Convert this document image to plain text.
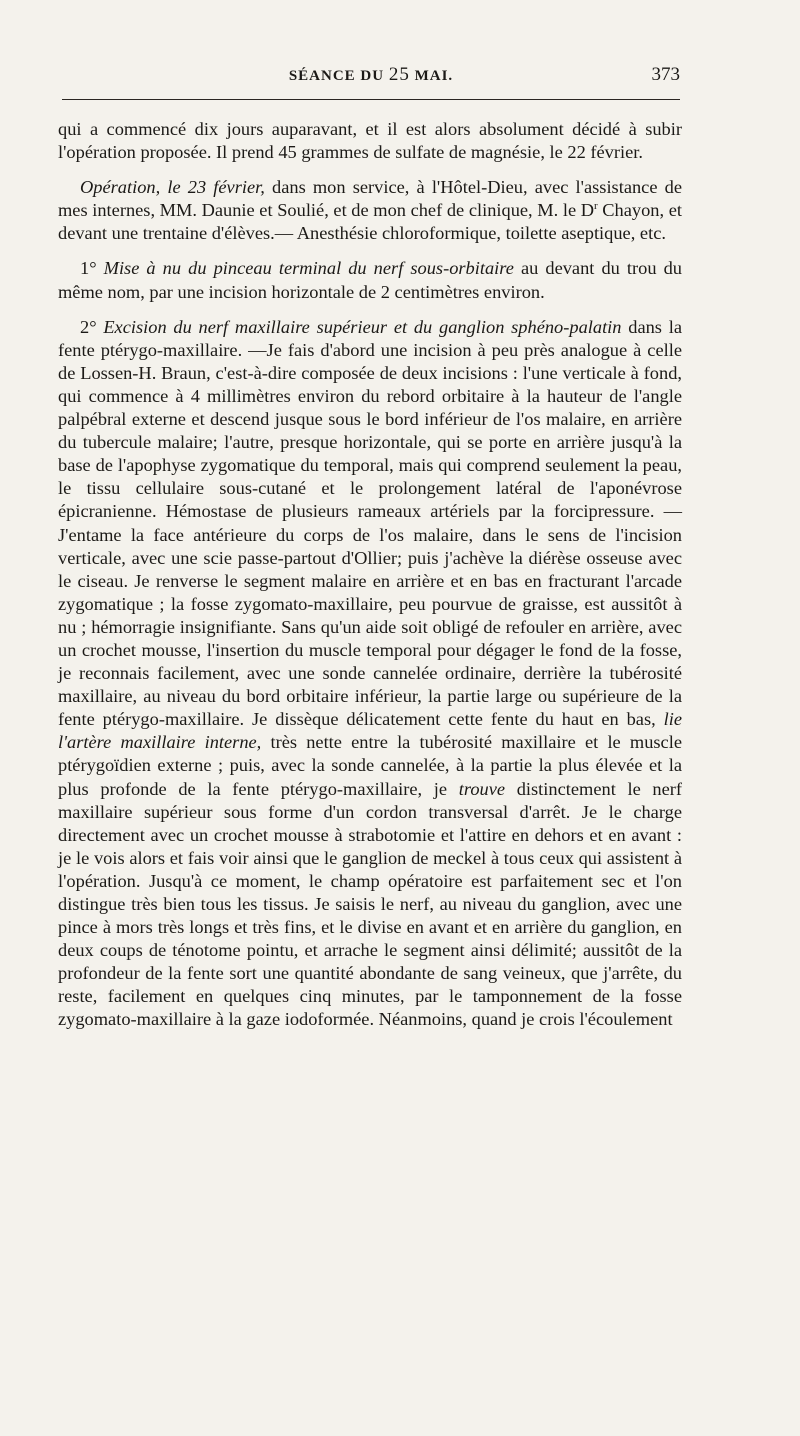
SÉANCE DU 25 MAI.	373

qui a commencé dix jours auparavant, et il est alors absolument décidé à subir l'opération proposée. Il prend 45 grammes de sulfate de magnésie, le 22 février.

Opération, le 23 février, dans mon service, à l'Hôtel-Dieu, avec l'assistance de mes internes, MM. Daunie et Soulié, et de mon chef de clinique, M. le $D^r$ Chayon, et devant une trentaine d'élèves.— Anesthésie chloroformique, toilette aseptique, etc.

1° Mise à nu du pinceau terminal du nerf sous-orbitaire au devant du trou du même nom, par une incision horizontale de 2 centimètres environ.

2° Excision du nerf maxillaire supérieur et du ganglion sphéno-palatin dans la fente ptérygo-maxillaire. —Je fais d'abord une incision à peu près analogue à celle de Lossen-H. Braun, c'est-à-dire composée de deux incisions : l'une verticale à fond, qui commence à 4 millimètres environ du rebord orbitaire à la hauteur de l'angle palpébral externe et descend jusque sous le bord inférieur de l'os malaire, en arrière du tubercule malaire; l'autre, presque horizontale, qui se porte en arrière jusqu'à la base de l'apophyse zygomatique du temporal, mais qui comprend seulement la peau, le tissu cellulaire sous-cutané et le prolongement latéral de l'aponévrose épicranienne. Hémostase de plusieurs rameaux artériels par la forcipressure. — J'entame la face antérieure du corps de l'os malaire, dans le sens de l'incision verticale, avec une scie passe-partout d'Ollier; puis j'achève la diérèse osseuse avec le ciseau. Je renverse le segment malaire en arrière et en bas en fracturant l'arcade zygomatique ; la fosse zygomato-maxillaire, peu pourvue de graisse, est aussitôt à nu ; hémorragie insignifiante. Sans qu'un aide soit obligé de refouler en arrière, avec un crochet mousse, l'insertion du muscle temporal pour dégager le fond de la fosse, je reconnais facilement, avec une sonde cannelée ordinaire, derrière la tubérosité maxillaire, au niveau du bord orbitaire inférieur, la partie large ou supérieure de la fente ptérygo-maxillaire. Je dissèque délicatement cette fente du haut en bas, lie l'artère maxillaire interne, très nette entre la tubérosité maxillaire et le muscle ptérygoïdien externe ; puis, avec la sonde cannelée, à la partie la plus élevée et la plus profonde de la fente ptérygo-maxillaire, je trouve distinctement le nerf maxillaire supérieur sous forme d'un cordon transversal d'arrêt. Je le charge directement avec un crochet mousse à strabotomie et l'attire en dehors et en avant : je le vois alors et fais voir ainsi que le ganglion de meckel à tous ceux qui assistent à l'opération. Jusqu'à ce moment, le champ opératoire est parfaitement sec et l'on distingue très bien tous les tissus. Je saisis le nerf, au niveau du ganglion, avec une pince à mors très longs et très fins, et le divise en avant et en arrière du ganglion, en deux coups de ténotome pointu, et arrache le segment ainsi délimité; aussitôt de la profondeur de la fente sort une quantité abondante de sang veineux, que j'arrête, du reste, facilement en quelques cinq minutes, par le tamponnement de la fosse zygomato-maxillaire à la gaze iodoformée. Néanmoins, quand je crois l'écoulement
